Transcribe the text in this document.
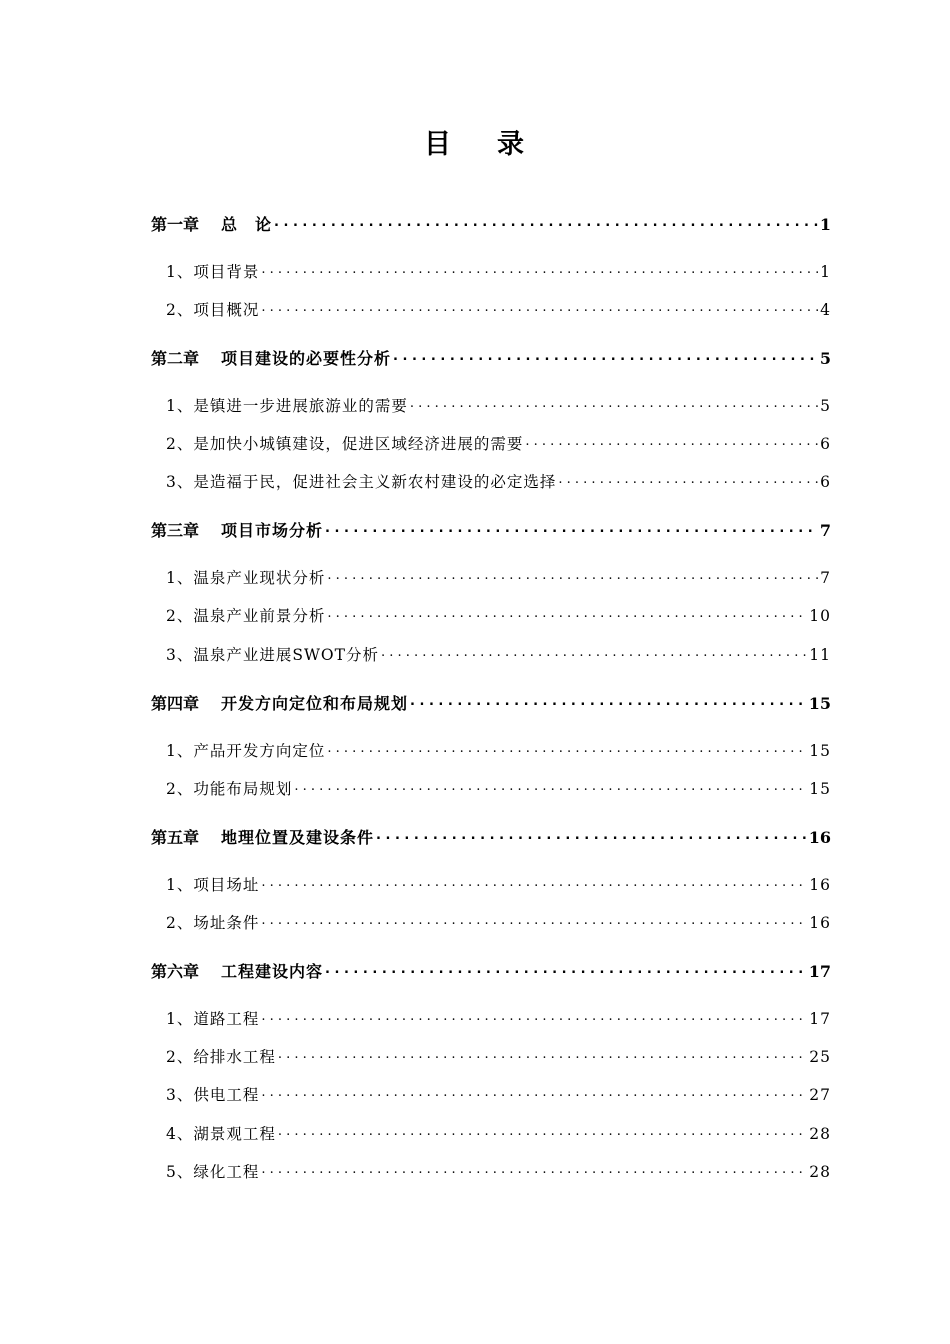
目 录
第一章 总　论 . . .	1
1、项目背景 . . .	1
2、项目概况 . . .	4
第二章 项目建设的必要性分析 . . .	5
1、是镇进一步进展旅游业的需要 . . .	5
2、是加快小城镇建设，促进区域经济进展的需要 . . .	6
3、是造福于民，促进社会主义新农村建设的必定选择 . . .	6
第三章 项目市场分析 . . .	7
1、温泉产业现状分析 . . .	7
2、温泉产业前景分析 . . .	10
3、温泉产业进展SWOT分析 . . .	11
第四章 开发方向定位和布局规划 . . .	15
1、产品开发方向定位 . . .	15
2、功能布局规划 . . .	15
第五章 地理位置及建设条件 . . .	16
1、项目场址 . . .	16
2、场址条件 . . .	16
第六章 工程建设内容 . . .	17
1、道路工程 . . .	17
2、给排水工程 . . .	25
3、供电工程 . . .	27
4、湖景观工程 . . .	28
5、绿化工程 . . .	28
